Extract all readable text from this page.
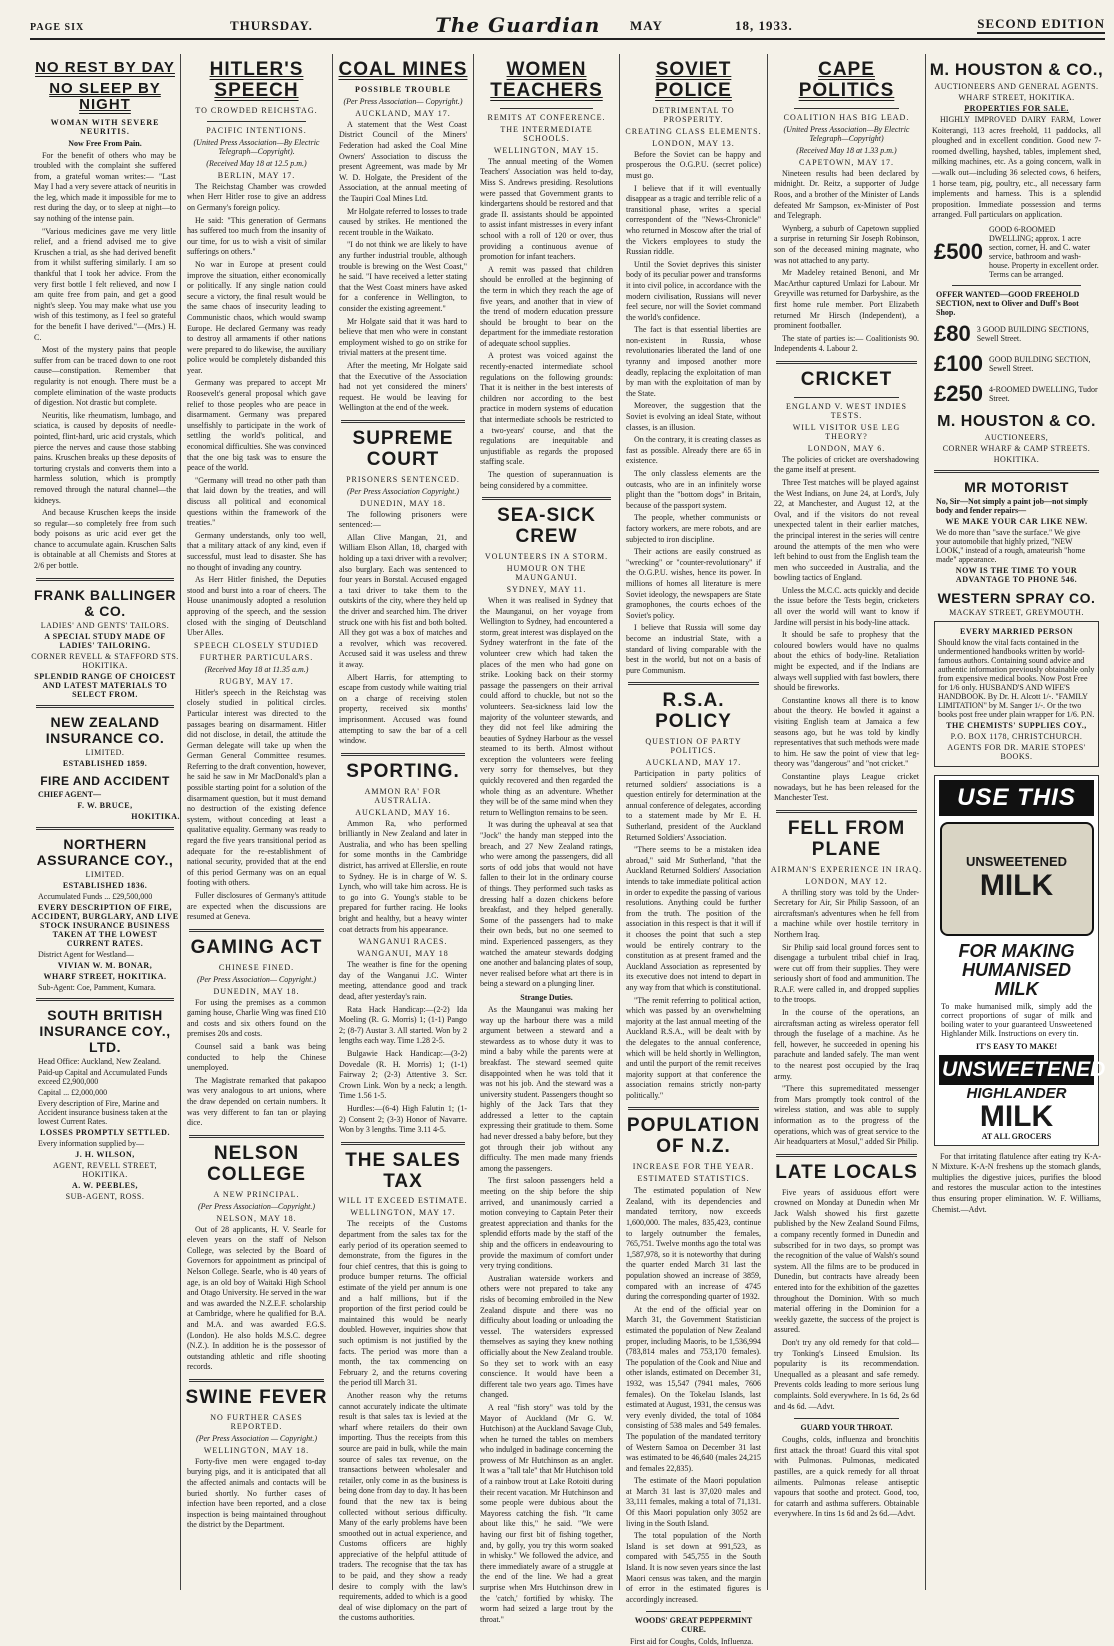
PAGE SIX	THURSDAY.	The Guardian MAY	18, 1933.	SECOND EDITION
NO REST BY DAY
NO SLEEP BY NIGHT
WOMAN WITH SEVERE NEURITIS.
Now Free From Pain.

For the benefit of others who may be troubled with the complaint she suffered from, a grateful woman writes:— "Last May I had a very severe attack of neuritis in the leg, which made it impossible for me to rest during the day, or to sleep at night—to say nothing of the intense pain.

"Various medicines gave me very little relief, and a friend advised me to give Kruschen a trial, as she had derived benefit from it whilst suffering similarly. I am so thankful that I took her advice. From the very first bottle I felt relieved, and now I am quite free from pain, and get a good night's sleep. You may make what use you wish of this testimony, as I feel so grateful for the benefit I have derived."—(Mrs.) H. C.

Most of the mystery pains that people suffer from can be traced down to one root cause—constipation. Remember that regularity is not enough. There must be a complete elimination of the waste products of digestion. Not drastic but complete.

Neuritis, like rheumatism, lumbago, and sciatica, is caused by deposits of needle-pointed, flint-hard, uric acid crystals, which pierce the nerves and cause those stabbing pains. Kruschen breaks up these deposits of torturing crystals and converts them into a harmless solution, which is promptly removed through the natural channel—the kidneys.

And because Kruschen keeps the inside so regular—so completely free from such body poisons as uric acid ever get the chance to accumulate again. Kruschen Salts is obtainable at all Chemists and Stores at 2/6 per bottle.

FRANK BALLINGER & CO.
LADIES' AND GENTS' TAILORS.
A SPECIAL STUDY MADE OF LADIES' TAILORING.
CORNER REVELL & STAFFORD STS. HOKITIKA.
SPLENDID RANGE OF CHOICEST AND LATEST MATERIALS TO SELECT FROM.
NEW ZEALAND INSURANCE CO.
LIMITED.
ESTABLISHED 1859.
FIRE AND ACCIDENT
CHIEF AGENT—
F. W. BRUCE,
HOKITIKA.
NORTHERN ASSURANCE COY.,
LIMITED.
ESTABLISHED 1836.
Accumulated Funds ... £29,500,000
EVERY DESCRIPTION OF FIRE, ACCIDENT, BURGLARY, AND LIVE STOCK INSURANCE BUSINESS TAKEN AT THE LOWEST CURRENT RATES.
District Agent for Westland—
VIVIAN W. M. BONAR,
WHARF STREET, HOKITIKA.
Sub-Agent: Coe, Pamment, Kumara.
SOUTH BRITISH INSURANCE COY., LTD.
Head Office: Auckland, New Zealand.
Paid-up Capital and Accumulated Funds exceed £2,900,000
Capital ... £2,000,000
Every description of Fire, Marine and Accident insurance business taken at the lowest Current Rates.
LOSSES PROMPTLY SETTLED.
Every information supplied by—
J. H. WILSON,
AGENT, REVELL STREET, HOKITIKA.
A. W. PEEBLES,
SUB-AGENT, ROSS.
HITLER'S SPEECH
TO CROWDED REICHSTAG.
PACIFIC INTENTIONS.
(United Press Association—By Electric Telegraph—Copyright).
(Received May 18 at 12.5 p.m.)
BERLIN, MAY 17.

The Reichstag Chamber was crowded when Herr Hitler rose to give an address on Germany's foreign policy.

He said: "This generation of Germans has suffered too much from the insanity of our time, for us to wish a visit of similar sufferings on others."

No war in Europe at present could improve the situation, either economically or politically. If any single nation could secure a victory, the final result would be the same chaos of insecurity leading to Communistic chaos, which would swamp Europe. He declared Germany was ready to destroy all armaments if other nations were prepared to do likewise, the auxiliary police would be completely disbanded this year.

Germany was prepared to accept Mr Roosevelt's general proposal which gave relief to those peoples who are peace in disarmament. Germany was prepared unselfishly to participate in the work of settling the world's political, and economical difficulties. She was convinced that the one big task was to ensure the peace of the world.

"Germany will tread no other path than that laid down by the treaties, and will discuss all political and economical questions within the framework of the treaties."

Germany understands, only too well, that a military attack of any kind, even if successful, must lead to disaster. She has no thought of invading any country.

As Herr Hitler finished, the Deputies stood and burst into a roar of cheers. The House unanimously adopted a resolution approving of the speech, and the session closed with the singing of Deutschland Uber Alles.

SPEECH CLOSELY STUDIED
FURTHER PARTICULARS.
(Received May 18 at 11.35 a.m.)
RUGBY, MAY 17.

Hitler's speech in the Reichstag was closely studied in political circles. Particular interest was directed to the passages bearing on disarmament. Hitler did not disclose, in detail, the attitude the German delegate will take up when the German General Committee resumes. Referring to the draft convention, however, he said he saw in Mr MacDonald's plan a possible starting point for a solution of the disarmament question, but it must demand no destruction of the existing defence system, without conceding at least a qualitative equality. Germany was ready to regard the five years transitional period as adequate for the re-establishment of national security, provided that at the end of this period Germany was on an equal footing with others.

Fuller disclosures of Germany's attitude are expected when the discussions are resumed at Geneva.

GAMING ACT
CHINESE FINED.
(Per Press Association— Copyright.)
DUNEDIN, MAY 18.

For using the premises as a common gaming house, Charlie Wing was fined £10 and costs and six others found on the premises 20s and costs.

Counsel said a bank was being conducted to help the Chinese unemployed.

The Magistrate remarked that pakapoo was very analogous to art unions, where the draw depended on certain numbers. It was very different to fan tan or playing dice.

NELSON COLLEGE
A NEW PRINCIPAL.
(Per Press Association—Copyright.)
NELSON, MAY 18.

Out of 28 applicants, H. V. Searle for eleven years on the staff of Nelson College, was selected by the Board of Governors for appointment as principal of Nelson College. Searle, who is 40 years of age, is an old boy of Waitaki High School and Otago University. He served in the war and was awarded the N.Z.E.F. scholarship at Cambridge, where he qualified for B.A. and M.A. and was awarded F.G.S. (London). He also holds M.S.C. degree (N.Z.). In addition he is the possessor of outstanding athletic and rifle shooting records.

SWINE FEVER
NO FURTHER CASES REPORTED.
(Per Press Association — Copyright.)
WELLINGTON, MAY 18.

Forty-five men were engaged to-day burying pigs, and it is anticipated that all the affected animals and contacts will be buried shortly. No further cases of infection have been reported, and a close inspection is being maintained throughout the district by the Department.

COAL MINES
POSSIBLE TROUBLE
(Per Press Association— Copyright.)
AUCKLAND, MAY 17.

A statement that the West Coast District Council of the Miners' Federation had asked the Coal Mine Owners' Association to discuss the present Agreement, was made by Mr W. D. Holgate, the President of the Association, at the annual meeting of the Taupiri Coal Mines Ltd.

Mr Holgate referred to losses to trade caused by strikes. He mentioned the recent trouble in the Waikato.

"I do not think we are likely to have any further industrial trouble, although trouble is brewing on the West Coast," he said. "I have received a letter stating that the West Coast miners have asked for a conference in Wellington, to consider the existing agreement."

Mr Holgate said that it was hard to believe that men who were in constant employment wished to go on strike for trivial matters at the present time.

After the meeting, Mr Holgate said that the Executive of the Association had not yet considered the miners' request. He would be leaving for Wellington at the end of the week.

SUPREME COURT
PRISONERS SENTENCED.
(Per Press Association Copyright.)
DUNEDIN, MAY 18.

The following prisoners were sentenced:—

Allan Clive Mangan, 21, and William Elson Allan, 18, charged with holding up a taxi driver with a revolver; also burglary. Each was sentenced to four years in Borstal. Accused engaged a taxi driver to take them to the outskirts of the city, where they held up the driver and searched him. The driver struck one with his fist and both bolted. All they got was a box of matches and a revolver, which was recovered. Accused said it was useless and threw it away.

Albert Harris, for attempting to escape from custody while waiting trial on a charge of receiving stolen property, received six months' imprisonment. Accused was found attempting to saw the bar of a cell window.

SPORTING.
AMMON RA' FOR AUSTRALIA.
AUCKLAND, MAY 16.

Ammon Ra, who performed brilliantly in New Zealand and later in Australia, and who has been spelling for some months in the Cambridge district, has arrived at Ellerslie, en route to Sydney. He is in charge of W. S. Lynch, who will take him across. He is to go into G. Young's stable to be prepared for further racing. He looks bright and healthy, but a heavy winter coat detracts from his appearance.

WANGANUI RACES.
WANGANUI, MAY 18

The weather is fine for the opening day of the Wanganui J.C. Winter meeting, attendance good and track dead, after yesterday's rain.

Rata Hack Handicap:—(2-2) Ida Moeling (R. G. Morris) 1; (1-1) Pango 2; (8-7) Austar 3. All started. Won by 2 lengths each way. Time 1.28 2-5.

Bulgawie Hack Handicap:—(3-2) Dovedale (R. H. Morris) 1; (1-1) Fairway 2; (2-3) Attentive 3. Scr. Crown Link. Won by a neck; a length. Time 1.56 1-5.

Hurdles:—(6-4) High Falutin 1; (1-2) Consent 2; (3-3) Honor of Navarre. Won by 3 lengths. Time 3.11 4-5.

THE SALES TAX
WILL IT EXCEED ESTIMATE.
WELLINGTON, MAY 17.

The receipts of the Customs department from the sales tax for the early period of its operation seemed to demonstrate, from the figures in the four chief centres, that this is going to produce bumper returns. The official estimate of the yield per annum is one and a half millions, but if the proportion of the first period could be maintained this would be nearly doubled. However, inquiries show that such optimism is not justified by the facts. The period was more than a month, the tax commencing on February 2, and the returns covering the period till March 31.

Another reason why the returns cannot accurately indicate the ultimate result is that sales tax is levied at the wharf where retailers do their own importing. Thus the receipts from this source are paid in bulk, while the main source of sales tax revenue, on the transactions between wholesaler and retailer, only come in as the business is being done from day to day. It has been found that the new tax is being collected without serious difficulty. Many of the early problems have been smoothed out in actual experience, and Customs officers are highly appreciative of the helpful attitude of traders. The recognise that the tax has to be paid, and they show a ready desire to comply with the law's requirements, added to which is a good deal of wise diplomacy on the part of the customs authorities.

WOMEN TEACHERS
REMITS AT CONFERENCE.
THE INTERMEDIATE SCHOOLS.
WELLINGTON, MAY 15.

The annual meeting of the Women Teachers' Association was held to-day, Miss S. Andrews presiding. Resolutions were passed that Government grants to kindergartens should be restored and that grade II. assistants should be appointed to assist infant mistresses in every infant school with a roll of 120 or over, thus providing a continuous avenue of promotion for infant teachers.

A remit was passed that children should be enrolled at the beginning of the term in which they reach the age of five years, and another that in view of the trend of modern education pressure should be brought to bear on the department for the immediate restoration of adequate school supplies.

A protest was voiced against the recently-enacted intermediate school regulations on the following grounds: That it is neither in the best interests of children nor according to the best practice in modern systems of education that intermediate schools be restricted to a two-years' course, and that the regulations are inequitable and unjustifiable as regards the proposed staffing scale.

The question of superannuation is being considered by a committee.

SEA-SICK CREW
VOLUNTEERS IN A STORM.
HUMOUR ON THE MAUNGANUI.
SYDNEY, MAY 11.

When it was realised in Sydney that the Maunganui, on her voyage from Wellington to Sydney, had encountered a storm, great interest was displayed on the Sydney waterfront in the fate of the volunteer crew which had taken the places of the men who had gone on strike. Looking back on their stormy passage the passengers on their arrival could afford to chuckle, but not so the volunteers. Sea-sickness laid low the majority of the volunteer stewards, and they did not feel like admiring the beauties of Sydney Harbour as the vessel steamed to its berth. Almost without exception the volunteers were feeling very sorry for themselves, but they quickly recovered and then regarded the whole thing as an adventure. Whether they will be of the same mind when they return to Wellington remains to be seen.

It was during the upheaval at sea that "Jock" the handy man stepped into the breach, and 27 New Zealand ratings, who were among the passengers, did all sorts of odd jobs that would not have fallen to their lot in the ordinary course of things. They performed such tasks as dressing half a dozen chickens before breakfast, and they helped generally. Some of the passengers had to make their own beds, but no one seemed to mind. Experienced passengers, as they watched the amateur stewards dodging one another and balancing plates of soup, never realised before what art there is in being a steward on a plunging liner.

Strange Duties.

As the Maunganui was making her way up the harbour there was a mild argument between a steward and a stewardess as to whose duty it was to mind a baby while the parents were at breakfast. The steward seemed quite disappointed when he was told that it was not his job. And the steward was a university student. Passengers thought so highly of the Jack Tars that they addressed a letter to the captain expressing their gratitude to them. Some had never dressed a baby before, but they got through their job without any difficulty. The men made many friends among the passengers.

The first saloon passengers held a meeting on the ship before the ship arrived, and unanimously carried a motion conveying to Captain Peter their greatest appreciation and thanks for the splendid efforts made by the staff of the ship and the officers in endeavouring to provide the maximum of comfort under very trying conditions.

Australian waterside workers and others were not prepared to take any risks of becoming embroiled in the New Zealand dispute and there was no difficulty about loading or unloading the vessel. The watersiders expressed themselves as saying they knew nothing officially about the New Zealand trouble. So they set to work with an easy conscience. It would have been a different tale two years ago. Times have changed.

A real "fish story" was told by the Mayor of Auckland (Mr G. W. Hutchison) at the Auckland Savage Club, when he turned the tables on members who indulged in badinage concerning the prowess of Mr Hutchinson as an angler. It was a "tall tale" that Mr Hutchison told of a rainbow trout at Lake Rotoiti during their recent vacation. Mr Hutchinson and some people were dubious about the Mayoress catching the fish. "It came about like this," he said. "We were having our first bit of fishing together, and, by golly, you try this worm soaked in whisky." We followed the advice, and there immediately aware of a struggle at the end of the line. We had a great surprise when Mrs Hutchinson drew in the 'catch,' fortified by whisky. The worm had seized a large trout by the throat."

SOVIET POLICE
DETRIMENTAL TO PROSPERITY.
CREATING CLASS ELEMENTS.
LONDON, MAY 13.

Before the Soviet can be happy and prosperous the O.G.P.U. (secret police) must go.

I believe that if it will eventually disappear as a tragic and terrible relic of a transitional phase, writes a special correspondent of the "News-Chronicle" who returned in Moscow after the trial of the Vickers employees to study the Russian riddle.

Until the Soviet deprives this sinister body of its peculiar power and transforms it into civil police, in accordance with the modern civilisation, Russians will never feel secure, nor will the Soviet command the world's confidence.

The fact is that essential liberties are non-existent in Russia, whose revolutionaries liberated the land of one tyranny and imposed another more deadly, replacing the exploitation of man by man with the exploitation of man by the State.

Moreover, the suggestion that the Soviet is evolving an ideal State, without classes, is an illusion.

On the contrary, it is creating classes as fast as possible. Already there are 65 in existence.

The only classless elements are the outcasts, who are in an infinitely worse plight than the "bottom dogs" in Britain, because of the passport system.

The people, whether communists or factory workers, are mere robots, and are subjected to iron discipline.

Their actions are easily construed as "wrecking" or "counter-revolutionary" if the O.G.P.U. wishes, hence its power. In millions of homes all literature is mere Soviet ideology, the newspapers are State gramophones, the courts echoes of the Soviet's policy.

I believe that Russia will some day become an industrial State, with a standard of living comparable with the best in the world, but not on a basis of pure Communism.

R.S.A. POLICY
QUESTION OF PARTY POLITICS.
AUCKLAND, MAY 17.

Participation in party politics of returned soldiers' associations is a question entirely for determination at the annual conference of delegates, according to a statement made by Mr E. H. Sutherland, president of the Auckland Returned Soldiers' Association.

"There seems to be a mistaken idea abroad," said Mr Sutherland, "that the Auckland Returned Soldiers' Association intends to take immediate political action in order to expedite the passing of various resolutions. Anything could be further from the truth. The position of the association in this respect is that it will if it chooses the point that such a step would be entirely contrary to the constitution as at present framed and the Auckland Association as represented by its executive does not intend to depart in any way from that which is constitutional.

"The remit referring to political action, which was passed by an overwhelming majority at the last annual meeting of the Auckland R.S.A., will be dealt with by the delegates to the annual conference, which will be held shortly in Wellington, and until the purport of the remit receives majority support at that conference the association remains strictly non-party politically."

POPULATION OF N.Z.
INCREASE FOR THE YEAR.
ESTIMATED STATISTICS.

The estimated population of New Zealand, with its dependencies and mandated territory, now exceeds 1,600,000. The males, 835,423, continue to largely outnumber the females, 765,751. Twelve months ago the total was 1,587,978, so it is noteworthy that during the quarter ended March 31 last the population showed an increase of 3859, compared with an increase of 4745 during the corresponding quarter of 1932.

At the end of the official year on March 31, the Government Statistician estimated the population of New Zealand proper, including Maoris, to be 1,536,994 (783,814 males and 753,170 females). The population of the Cook and Niue and other islands, estimated on December 31, 1932, was 15,547 (7941 males, 7606 females). On the Tokelau Islands, last estimated at August, 1931, the census was very evenly divided, the total of 1084 consisting of 538 males and 549 females. The population of the mandated territory of Western Samoa on December 31 last was estimated to be 46,640 (males 24,215 and females 22,835).

The estimate of the Maori population at March 31 last is 37,020 males and 33,111 females, making a total of 71,131. Of this Maori population only 3052 are living in the South Island.

The total population of the North Island is set down at 991,523, as compared with 545,755 in the South Island. It is now seven years since the last Maori census was taken, and the margin of error in the estimated figures is accordingly increased.

WOODS' GREAT PEPPERMINT CURE.
First aid for Coughs, Colds, Influenza.
CAPE POLITICS
COALITION HAS BIG LEAD.
(United Press Association—By Electric Telegraph—Copyright)
(Received May 18 at 1.33 p.m.)
CAPETOWN, MAY 17.

Nineteen results had been declared by midnight. Dr. Reitz, a supporter of Judge Roos, and a brother of the Minister of Lands defeated Mr Sampson, ex-Minister of Post and Telegraph.

Wynberg, a suburb of Capetown supplied a surprise in returning Sir Joseph Robinson, son of the deceased mining magnate, who was not attached to any party.

Mr Madeley retained Benoni, and Mr MacArthur captured Umlazi for Labour. Mr Greyville was returned for Darbyshire, as the first home rule member. Port Elizabeth returned Mr Hirsch (Independent), a prominent footballer.

The state of parties is:— Coalitionists 90. Independents 4. Labour 2.

CRICKET
ENGLAND V. WEST INDIES TESTS.
WILL VISITOR USE LEG THEORY?
LONDON, MAY 6.

The policies of cricket are overshadowing the game itself at present.

Three Test matches will be played against the West Indians, on June 24, at Lord's, July 22, at Manchester, and August 12, at the Oval, and if the visitors do not reveal unexpected talent in their earlier matches, the principal interest in the series will centre around the attempts of the men who were left behind to oust from the English team the men who succeeded in Australia, and the bowling tactics of England.

Unless the M.C.C. acts quickly and decide the issue before the Tests begin, cricketers all over the world will want to know if Jardine will persist in his body-line attack.

It should be safe to prophesy that the coloured bowlers would have no qualms about the ethics of body-line. Retaliation might be expected, and if the Indians are always well supplied with fast bowlers, there should be fireworks.

Constantine knows all there is to know about the theory. He bowled it against a visiting English team at Jamaica a few seasons ago, but he was told by kindly representatives that such methods were made to him. He saw the point of view that leg-theory was "dangerous" and "not cricket."

Constantine plays League cricket nowadays, but he has been released for the Manchester Test.

FELL FROM PLANE
AIRMAN'S EXPERIENCE IN IRAQ.
LONDON, MAY 12.

A thrilling story was told by the Under-Secretary for Air, Sir Philip Sassoon, of an aircraftsman's adventures when he fell from a machine while over hostile territory in Northern Iraq.

Sir Philip said local ground forces sent to disengage a turbulent tribal chief in Iraq, were cut off from their supplies. They were seriously short of food and ammunition. The R.A.F. were called in, and dropped supplies to the troops.

In the course of the operations, an aircraftsman acting as wireless operator fell through the fuselage of a machine. As he fell, however, he succeeded in opening his parachute and landed safely. The man went to the nearest post occupied by the Iraq army.

"There this supremeditated messenger from Mars promptly took control of the wireless station, and was able to supply information as to the progress of the operations, which was of great service to the Air headquarters at Mosul," added Sir Philip.

LATE LOCALS

Five years of assiduous effort were crowned on Monday at Dunedin when Mr Jack Walsh showed his first gazette published by the New Zealand Sound Films, a company recently formed in Dunedin and subscribed for in two days, so prompt was the recognition of the value of Walsh's sound system. All the films are to be produced in Dunedin, but contracts have already been entered into for the exhibition of the gazettes throughout the Dominion. With so much material offering in the Dominion for a weekly gazette, the success of the project is assured.

Don't try any old remedy for that cold—try Tonking's Linseed Emulsion. Its popularity is its recommendation. Unequalled as a pleasant and safe remedy. Prevents colds leading to more serious lung complaints. Sold everywhere. In 1s 6d, 2s 6d and 4s 6d. —Advt.

GUARD YOUR THROAT.

Coughs, colds, influenza and bronchitis first attack the throat! Guard this vital spot with Pulmonas. Pulmonas, medicated pastilles, are a quick remedy for all throat ailments. Pulmonas release antiseptic vapours that soothe and protect. Good, too, for catarrh and asthma sufferers. Obtainable everywhere. In tins 1s 6d and 2s 6d.—Advt.

M. HOUSTON & CO.,
AUCTIONEERS AND GENERAL AGENTS.
WHARF STREET, HOKITIKA.
PROPERTIES FOR SALE.

HIGHLY IMPROVED DAIRY FARM, Lower Koiterangi, 113 acres freehold, 11 paddocks, all ploughed and in excellent condition. Good new 7-roomed dwelling, hayshed, tables, implement shed, milking machines, etc. As a going concern, walk in—walk out—including 36 selected cows, 6 heifers, 1 horse team, pig, poultry, etc., all necessary farm implements and harness. This is a splendid proposition. Immediate possession and terms arranged. Full particulars on application.

£500
GOOD 6-ROOMED DWELLING; approx. 1 acre section, corner, H. and C. water service, bathroom and wash-house. Property in excellent order. Terms can be arranged.
OFFER WANTED—GOOD FREEHOLD SECTION, next to Oliver and Duff's Boot Shop.
£80 3 GOOD BUILDING SECTIONS, Sewell Street.
£100 GOOD BUILDING SECTION, Sewell Street.
£250 4-ROOMED DWELLING, Tudor Street.
M. HOUSTON & CO.
AUCTIONEERS,
CORNER WHARF & CAMP STREETS.
HOKITIKA.
MR MOTORIST
No, Sir—Not simply a paint job—not simply body and fender repairs—
WE MAKE YOUR CAR LIKE NEW.
We do more than "save the surface." We give your automobile that highly prized, "NEW LOOK," instead of a rough, amateurish "home made" appearance.
NOW IS THE TIME TO YOUR ADVANTAGE TO PHONE 546.
WESTERN SPRAY CO.
MACKAY STREET, GREYMOUTH.
EVERY MARRIED PERSON
Should know the vital facts contained in the undermentioned handbooks written by world-famous authors. Containing sound advice and authentic information previously obtainable only from expensive medical books. Now Post Free for 1/6 only. HUSBAND'S AND WIFE'S HANDBOOK. By Dr. H. Alcott 1/-. "FAMILY LIMITATION" by M. Sanger 1/-. Or the two books post free under plain wrapper for 1/6. P.N.
THE CHEMISTS' SUPPLIES COY.,
P.O. BOX 1178, CHRISTCHURCH.
AGENTS FOR DR. MARIE STOPES' BOOKS.
USE THIS
UNSWEETENED
MILK
FOR MAKING HUMANISED MILK
To make humanised milk, simply add the correct proportions of sugar of milk and boiling water to your guaranteed Unsweetened Highlander Milk. Instructions on every tin.
IT'S EASY TO MAKE!
UNSWEETENED
HIGHLANDER
MILK
AT ALL GROCERS

For that irritating flatulence after eating try K-A-N Mixture. K-A-N freshens up the stomach glands, multiplies the digestive juices, purifies the blood and restores the muscular action to the intestines thus ensuring proper elimination. W. F. Williams, Chemist.—Advt.
